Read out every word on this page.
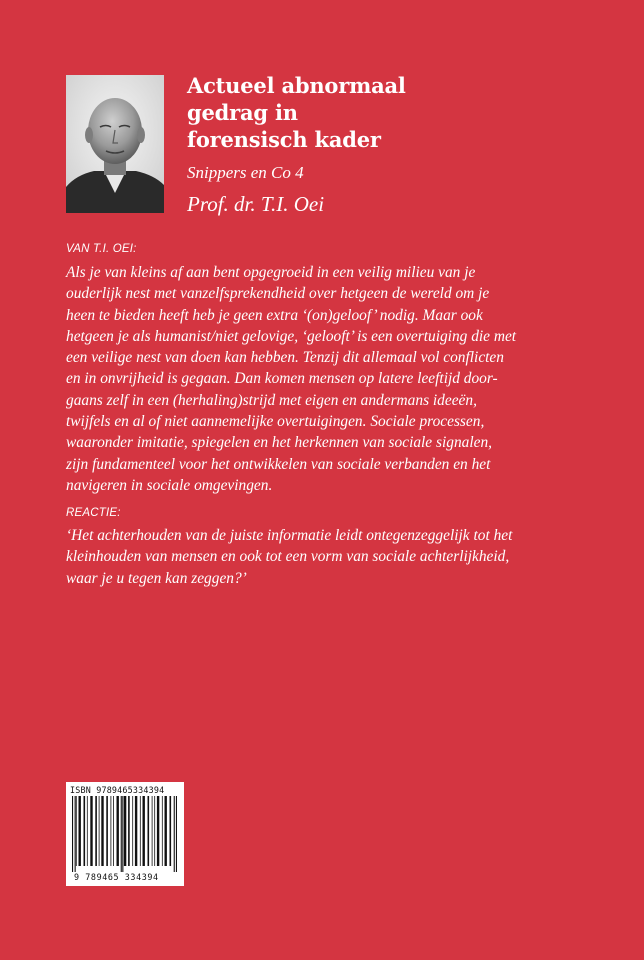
Actueel abnormaal
gedrag in
forensisch kader
Snippers en Co 4
Prof. dr. T.I. Oei
VAN T.I. OEI:

Als je van kleins af aan bent opgegroeid in een veilig milieu van je
ouderlijk nest met vanzelfsprekendheid over hetgeen de wereld om je
heen te bieden heeft heb je geen extra ‘(on)geloof’ nodig. Maar ook
hetgeen je als humanist/niet gelovige, ‘gelooft’ is een overtuiging die met
een veilige nest van doen kan hebben. Tenzij dit allemaal vol conflicten
en in onvrijheid is gegaan. Dan komen mensen op latere leeftijd door-
gaans zelf in een (herhaling)strijd met eigen en andermans ideeën,
twijfels en al of niet aannemelijke overtuigingen. Sociale processen,
waaronder imitatie, spiegelen en het herkennen van sociale signalen,
zijn fundamenteel voor het ontwikkelen van sociale verbanden en het
navigeren in sociale omgevingen.

REACTIE:

‘Het achterhouden van de juiste informatie leidt ontegenzeggelijk tot het
kleinhouden van mensen en ook tot een vorm van sociale achterlijkheid,
waar je u tegen kan zeggen?’

ISBN 9789465334394
9 789465 334394
